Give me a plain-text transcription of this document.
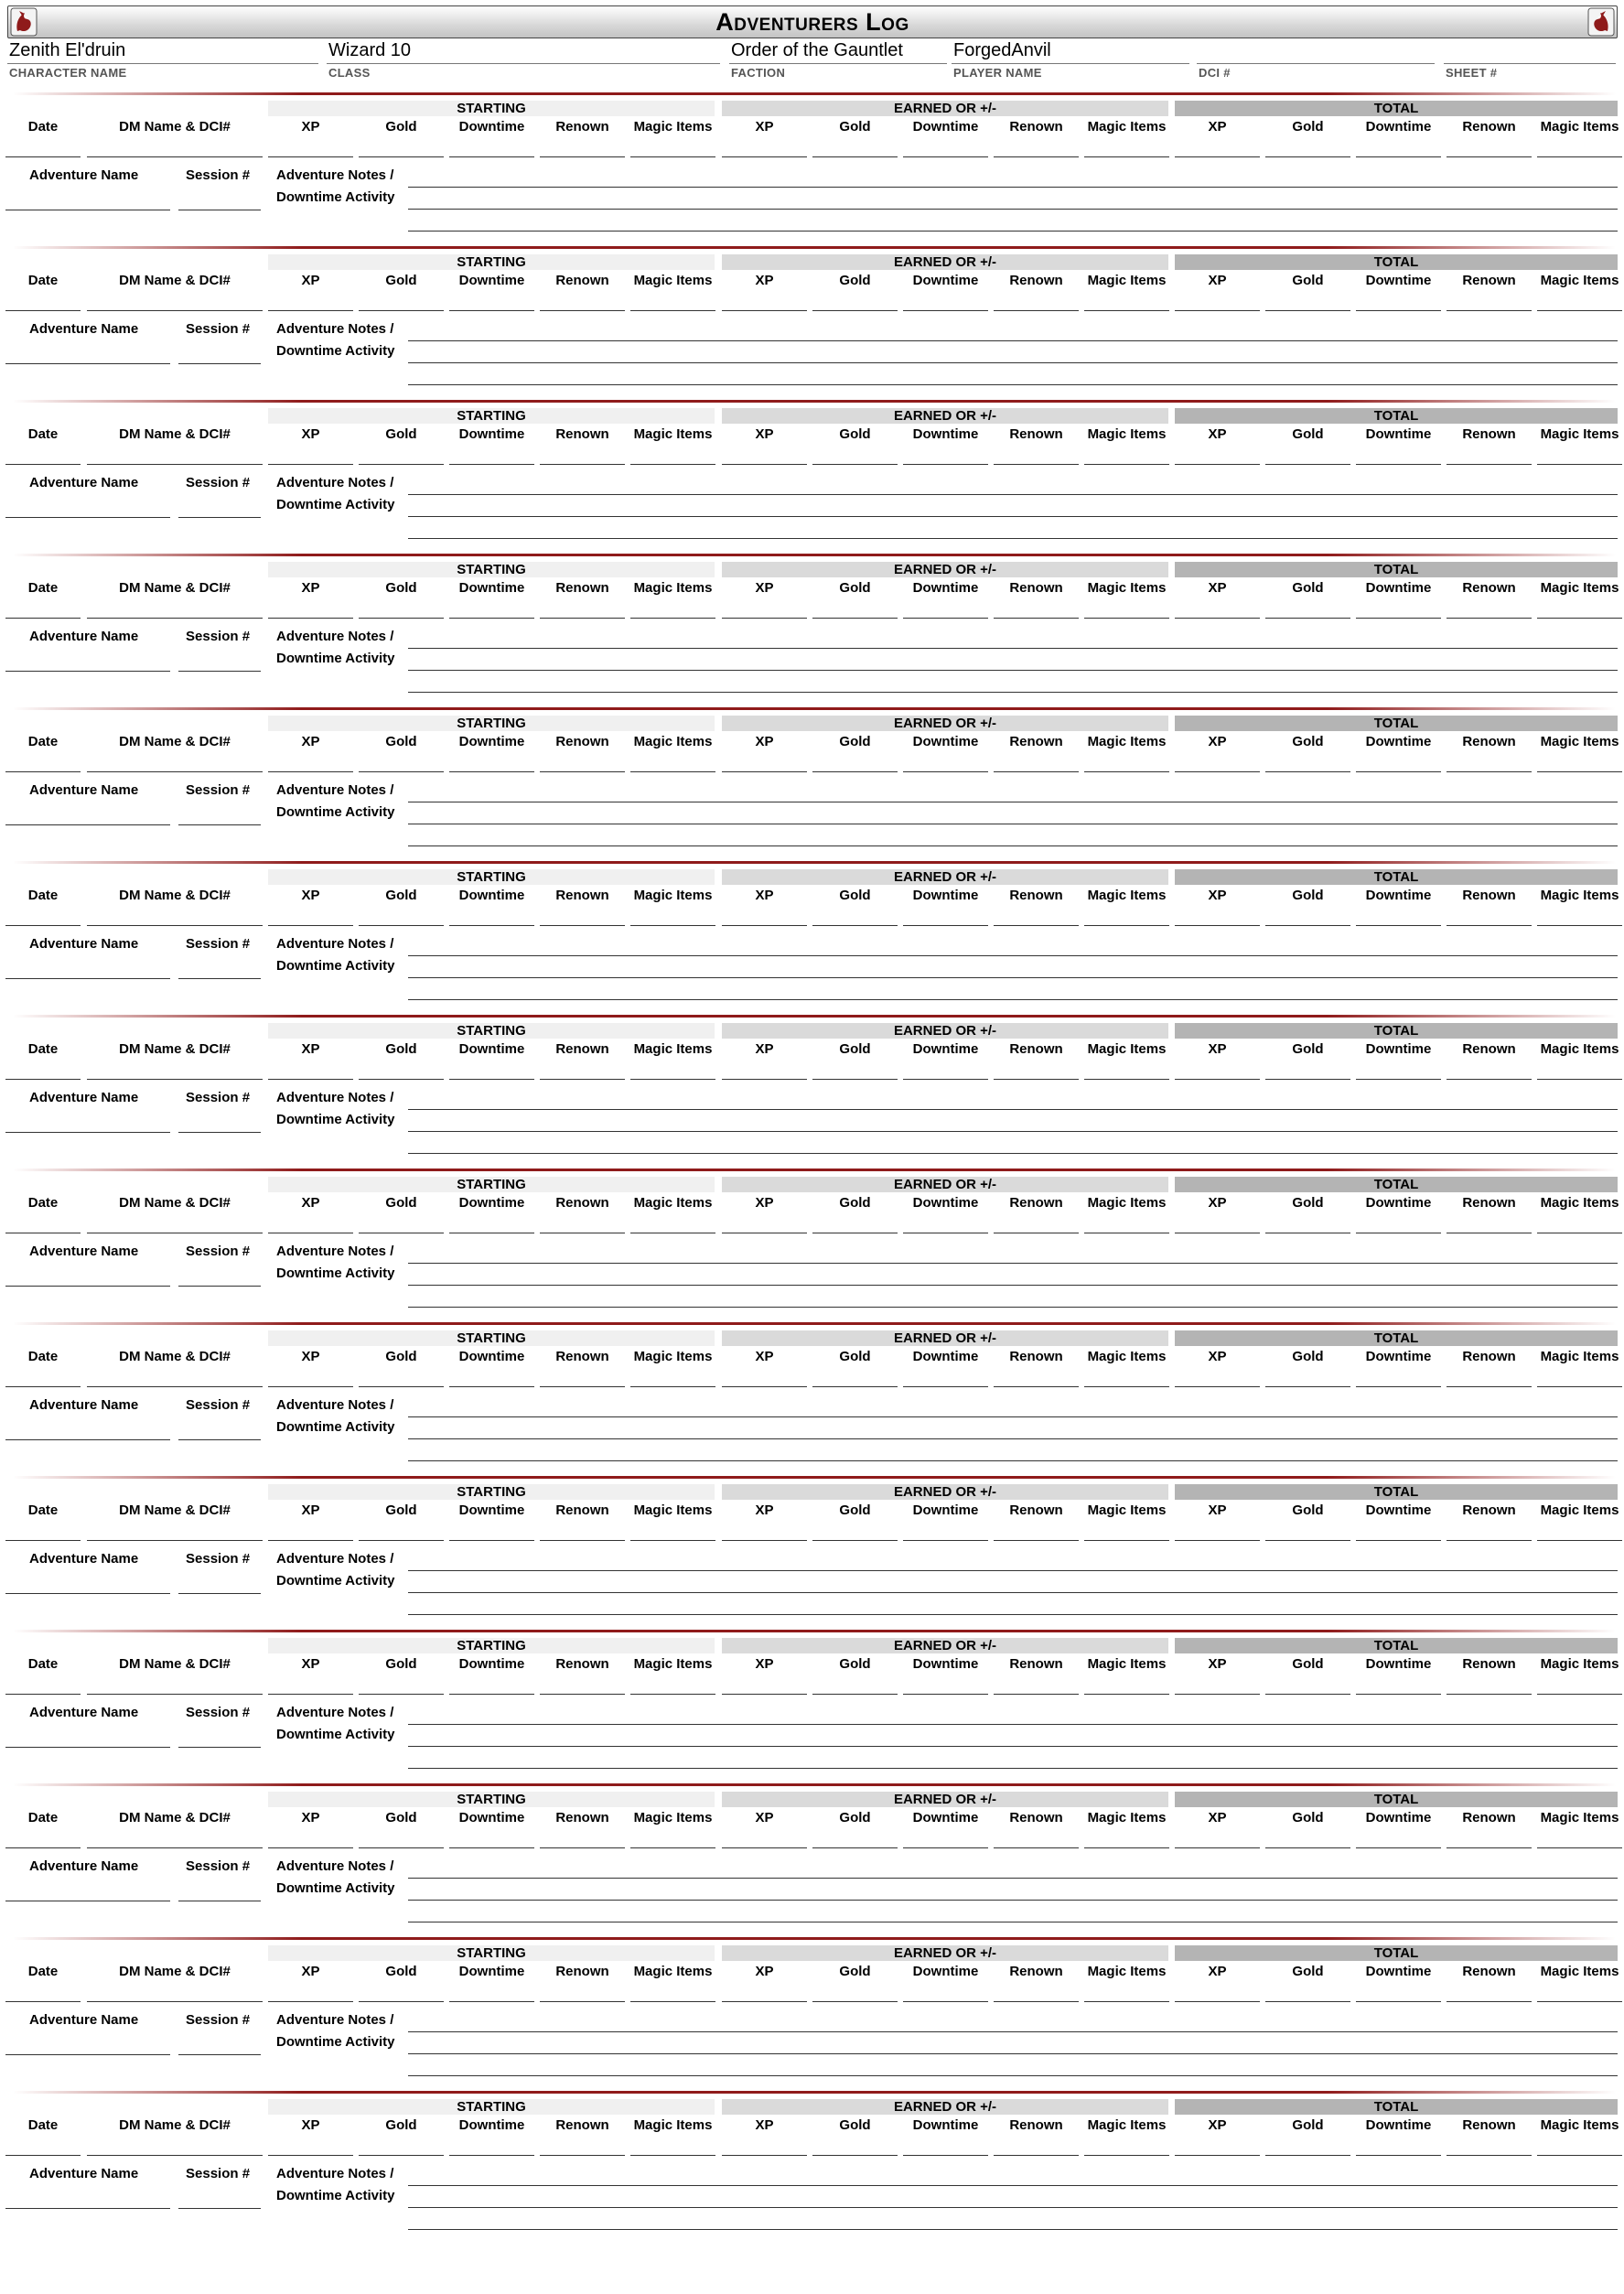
Adventurers Log
Zenith El'druin
CHARACTER NAME
Wizard 10
CLASS
Order of the Gauntlet
FACTION
ForgedAnvil
PLAYER NAME	DCI #	SHEET #
STARTING	EARNED OR +/-	TOTAL
Date	DM Name & DCI#	XP	Gold	Downtime	Renown	Magic Items	XP	Gold	Downtime	Renown	Magic Items	XP	Gold	Downtime	Renown	Magic Items
Adventure Name	Session # Adventure Notes /
Downtime Activity
STARTING	EARNED OR +/-	TOTAL
Date	DM Name & DCI#	XP	Gold	Downtime	Renown	Magic Items	XP	Gold	Downtime	Renown	Magic Items	XP	Gold	Downtime	Renown	Magic Items
Adventure Name	Session # Adventure Notes /
Downtime Activity
STARTING	EARNED OR +/-	TOTAL
Date	DM Name & DCI#	XP	Gold	Downtime	Renown	Magic Items	XP	Gold	Downtime	Renown	Magic Items	XP	Gold	Downtime	Renown	Magic Items
Adventure Name	Session # Adventure Notes /
Downtime Activity
STARTING	EARNED OR +/-	TOTAL
Date	DM Name & DCI#	XP	Gold	Downtime	Renown	Magic Items	XP	Gold	Downtime	Renown	Magic Items	XP	Gold	Downtime	Renown	Magic Items
Adventure Name	Session # Adventure Notes /
Downtime Activity
STARTING	EARNED OR +/-	TOTAL
Date	DM Name & DCI#	XP	Gold	Downtime	Renown	Magic Items	XP	Gold	Downtime	Renown	Magic Items	XP	Gold	Downtime	Renown	Magic Items
Adventure Name	Session # Adventure Notes /
Downtime Activity
STARTING	EARNED OR +/-	TOTAL
Date	DM Name & DCI#	XP	Gold	Downtime	Renown	Magic Items	XP	Gold	Downtime	Renown	Magic Items	XP	Gold	Downtime	Renown	Magic Items
Adventure Name	Session # Adventure Notes /
Downtime Activity
STARTING	EARNED OR +/-	TOTAL
Date	DM Name & DCI#	XP	Gold	Downtime	Renown	Magic Items	XP	Gold	Downtime	Renown	Magic Items	XP	Gold	Downtime	Renown	Magic Items
Adventure Name	Session # Adventure Notes /
Downtime Activity
STARTING	EARNED OR +/-	TOTAL
Date	DM Name & DCI#	XP	Gold	Downtime	Renown	Magic Items	XP	Gold	Downtime	Renown	Magic Items	XP	Gold	Downtime	Renown	Magic Items
Adventure Name	Session # Adventure Notes /
Downtime Activity
STARTING	EARNED OR +/-	TOTAL
Date	DM Name & DCI#	XP	Gold	Downtime	Renown	Magic Items	XP	Gold	Downtime	Renown	Magic Items	XP	Gold	Downtime	Renown	Magic Items
Adventure Name	Session # Adventure Notes /
Downtime Activity
STARTING	EARNED OR +/-	TOTAL
Date	DM Name & DCI#	XP	Gold	Downtime	Renown	Magic Items	XP	Gold	Downtime	Renown	Magic Items	XP	Gold	Downtime	Renown	Magic Items
Adventure Name	Session # Adventure Notes /
Downtime Activity
STARTING	EARNED OR +/-	TOTAL
Date	DM Name & DCI#	XP	Gold	Downtime	Renown	Magic Items	XP	Gold	Downtime	Renown	Magic Items	XP	Gold	Downtime	Renown	Magic Items
Adventure Name	Session # Adventure Notes /
Downtime Activity
STARTING	EARNED OR +/-	TOTAL
Date	DM Name & DCI#	XP	Gold	Downtime	Renown	Magic Items	XP	Gold	Downtime	Renown	Magic Items	XP	Gold	Downtime	Renown	Magic Items
Adventure Name	Session # Adventure Notes /
Downtime Activity
STARTING	EARNED OR +/-	TOTAL
Date	DM Name & DCI#	XP	Gold	Downtime	Renown	Magic Items	XP	Gold	Downtime	Renown	Magic Items	XP	Gold	Downtime	Renown	Magic Items
Adventure Name	Session # Adventure Notes /
Downtime Activity
STARTING	EARNED OR +/-	TOTAL
Date	DM Name & DCI#	XP	Gold	Downtime	Renown	Magic Items	XP	Gold	Downtime	Renown	Magic Items	XP	Gold	Downtime	Renown	Magic Items
Adventure Name	Session # Adventure Notes /
Downtime Activity
